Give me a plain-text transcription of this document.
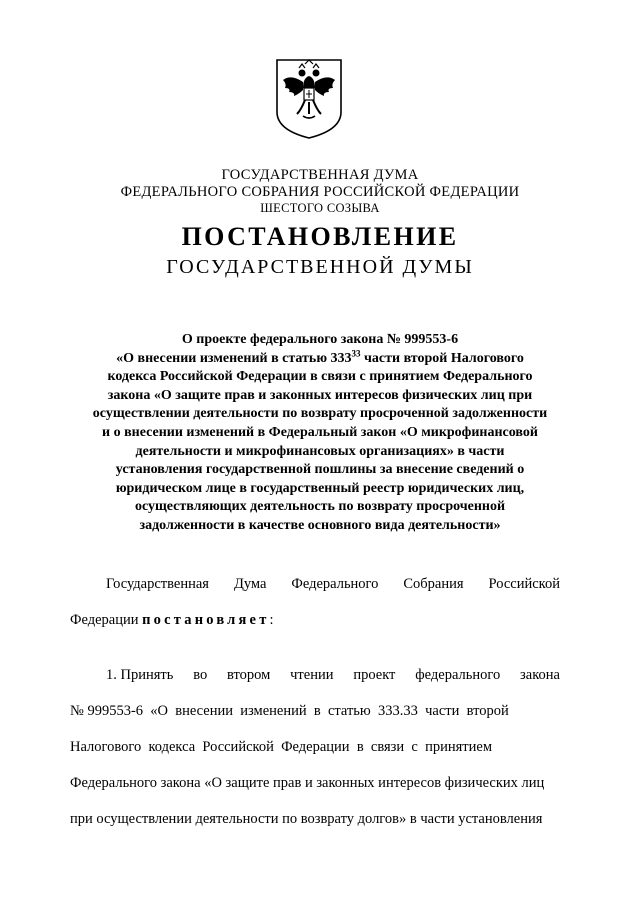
ГОСУДАРСТВЕННАЯ ДУМА
ФЕДЕРАЛЬНОГО СОБРАНИЯ РОССИЙСКОЙ ФЕДЕРАЦИИ
ШЕСТОГО СОЗЫВА
ПОСТАНОВЛЕНИЕ
ГОСУДАРСТВЕННОЙ ДУМЫ
О проекте федерального закона № 999553-6
«О внесении изменений в статью $333^{33}$ части второй Налогового
кодекса Российской Федерации в связи с принятием Федерального
закона «О защите прав и законных интересов физических лиц при
осуществлении деятельности по возврату просроченной задолженности
и о внесении изменений в Федеральный закон «О микрофинансовой
деятельности и микрофинансовых организациях» в части
установления государственной пошлины за внесение сведений о
юридическом лице в государственный реестр юридических лиц,
осуществляющих деятельность по возврату просроченной
задолженности в качестве основного вида деятельности»
Государственная Дума Федерального Собрания Российской
Федерации постановляет:
1. Принять во втором чтении проект федерального закона
№ 999553-6  «О  внесении  изменений  в  статью  333.33  части  второй
Налогового  кодекса  Российской  Федерации  в  связи  с  принятием
Федерального закона «О защите прав и законных интересов физических лиц
при осуществлении деятельности по возврату долгов» в части установления
